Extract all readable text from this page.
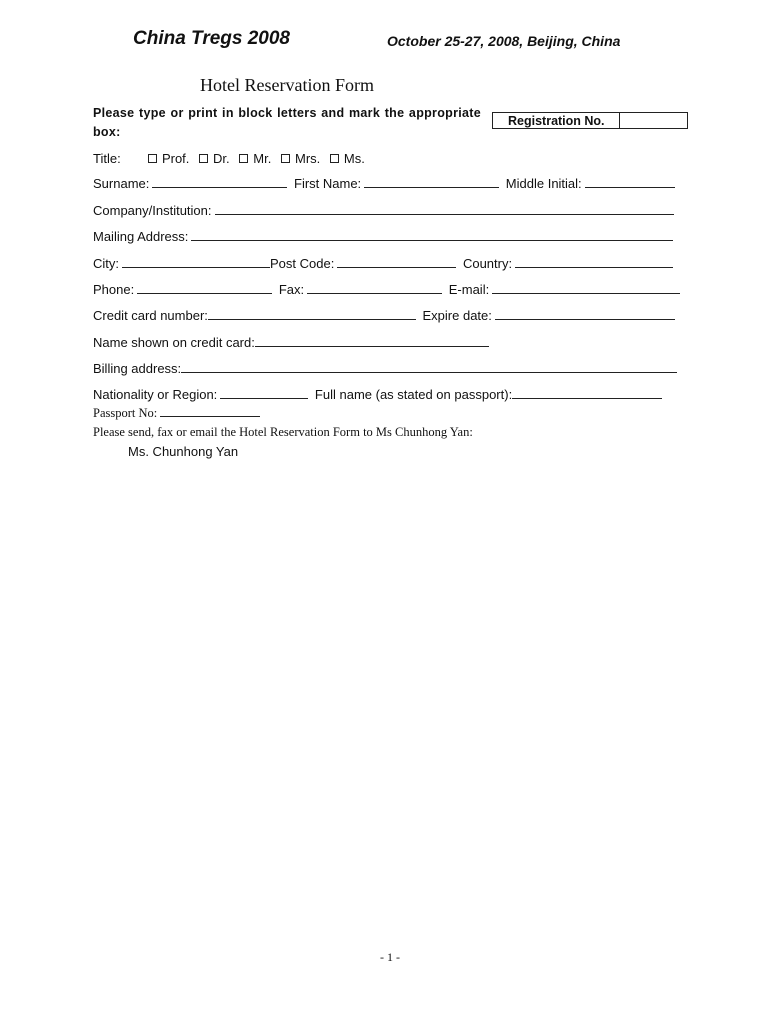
China Tregs 2008	October 25-27, 2008, Beijing, China
Hotel Reservation Form
Please type or print in block letters and mark the appropriate box:
Registration No.
Title:	Prof. Dr. Mr. Mrs. Ms.
Surname:	First Name:	Middle Initial:
Company/Institution:
Mailing Address:
City:	Post Code:	Country:
Phone:	Fax:	E-mail:
Credit card number:	Expire date:
Name shown on credit card:
Billing address:
Nationality or Region:	Full name (as stated on passport):
Passport No:
Please send, fax or email the Hotel Reservation Form to Ms Chunhong Yan:
Ms. Chunhong Yan
- 1 -
